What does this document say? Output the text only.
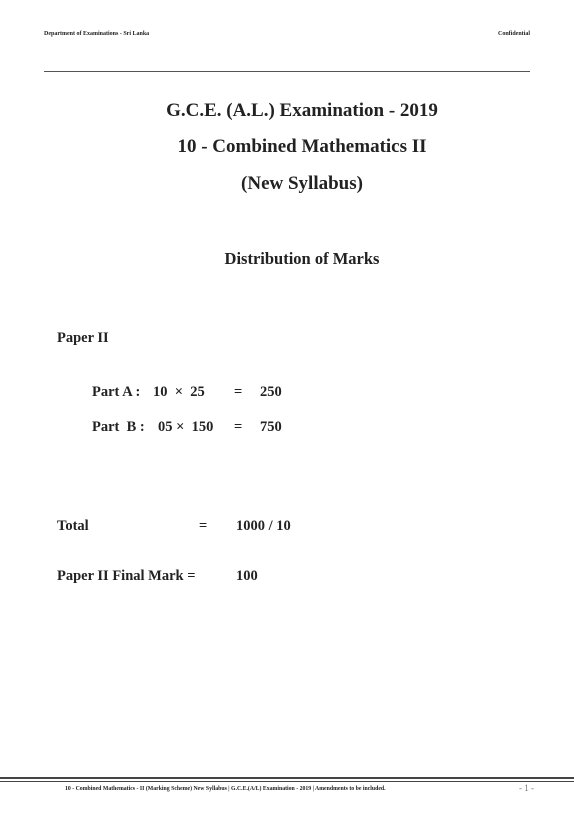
Department of Examinations - Sri Lanka	Confidential
G.C.E. (A.L.) Examination - 2019
10 - Combined Mathematics II
(New Syllabus)
Distribution of Marks
Paper II
Part A : 10  ×  25 = 250
Part  B : 05 ×  150 = 750
Total	= 1000 / 10
Paper II Final Mark =	100
10 - Combined Mathematics - II (Marking Scheme) New Syllabus | G.C.E.(A/L) Examination - 2019 | Amendments to be included.	- 1 -
